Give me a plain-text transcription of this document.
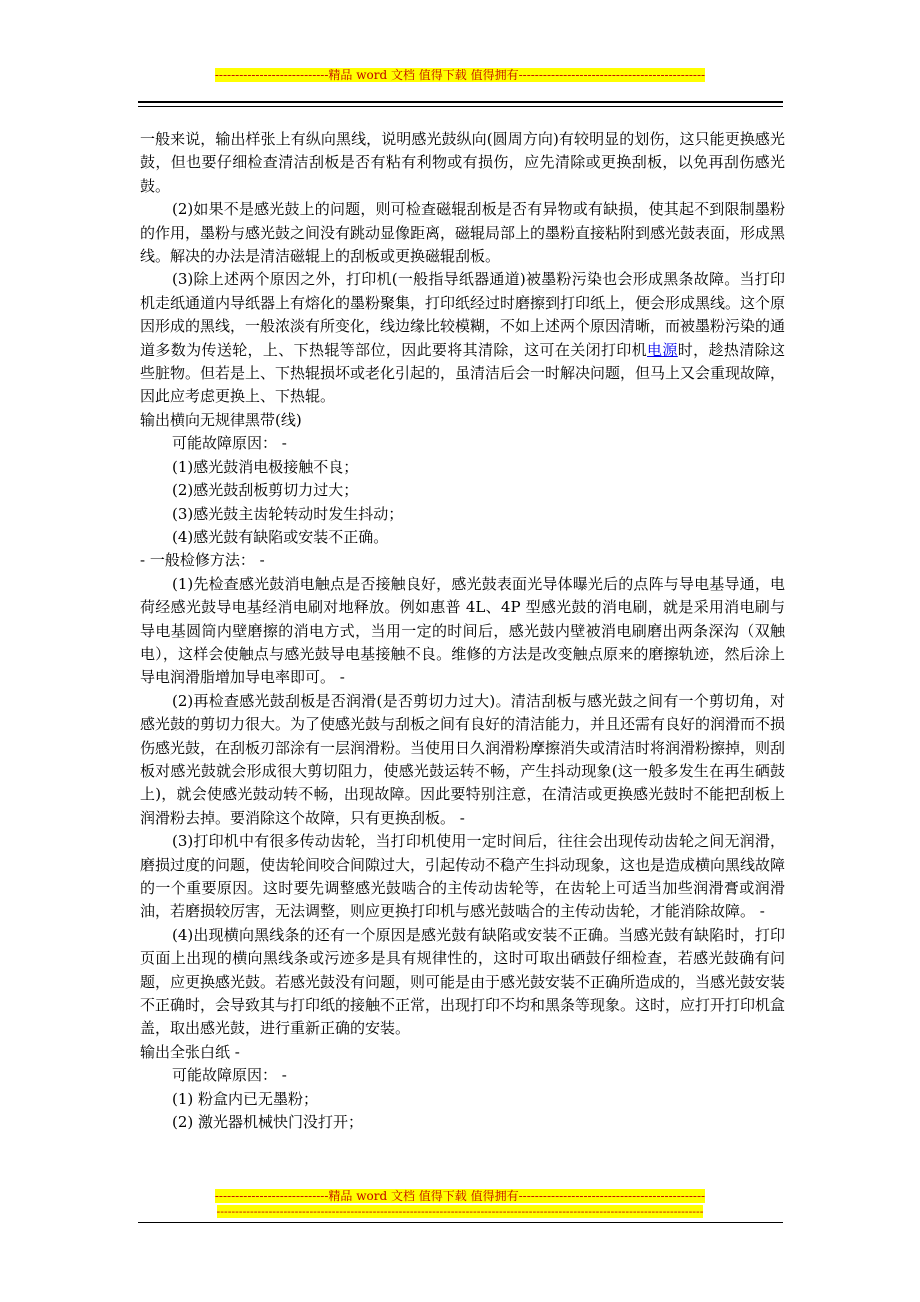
----------------------------精品 word 文档 值得下载 值得拥有----------------------------------------------

一般来说，输出样张上有纵向黑线，说明感光鼓纵向(圆周方向)有较明显的划伤，这只能更换感光鼓，但也要仔细检查清洁刮板是否有粘有利物或有损伤，应先清除或更换刮板，以免再刮伤感光鼓。

(2)如果不是感光鼓上的问题，则可检查磁辊刮板是否有异物或有缺损，使其起不到限制墨粉的作用，墨粉与感光鼓之间没有跳动显像距离，磁辊局部上的墨粉直接粘附到感光鼓表面，形成黑线。解决的办法是清洁磁辊上的刮板或更换磁辊刮板。

(3)除上述两个原因之外，打印机(一般指导纸器通道)被墨粉污染也会形成黑条故障。当打印机走纸通道内导纸器上有熔化的墨粉聚集，打印纸经过时磨擦到打印纸上，便会形成黑线。这个原因形成的黑线，一般浓淡有所变化，线边缘比较模糊，不如上述两个原因清晰，而被墨粉污染的通道多数为传送轮，上、下热辊等部位，因此要将其清除，这可在关闭打印机电源时，趁热清除这些脏物。但若是上、下热辊损坏或老化引起的，虽清洁后会一时解决问题，但马上又会重现故障，因此应考虑更换上、下热辊。

输出横向无规律黑带(线)

可能故障原因： -

(1)感光鼓消电极接触不良；

(2)感光鼓刮板剪切力过大；

(3)感光鼓主齿轮转动时发生抖动；

(4)感光鼓有缺陷或安装不正确。

- 一般检修方法： -

(1)先检查感光鼓消电触点是否接触良好，感光鼓表面光导体曝光后的点阵与导电基导通，电荷经感光鼓导电基经消电刷对地释放。例如惠普 4L、4P 型感光鼓的消电刷，就是采用消电刷与导电基圆筒内壁磨擦的消电方式，当用一定的时间后，感光鼓内壁被消电刷磨出两条深沟（双触电），这样会使触点与感光鼓导电基接触不良。维修的方法是改变触点原来的磨擦轨迹，然后涂上导电润滑脂增加导电率即可。 -

(2)再检查感光鼓刮板是否润滑(是否剪切力过大)。清洁刮板与感光鼓之间有一个剪切角，对感光鼓的剪切力很大。为了使感光鼓与刮板之间有良好的清洁能力，并且还需有良好的润滑而不损伤感光鼓，在刮板刃部涂有一层润滑粉。当使用日久润滑粉摩擦消失或清洁时将润滑粉擦掉，则刮板对感光鼓就会形成很大剪切阻力，使感光鼓运转不畅，产生抖动现象(这一般多发生在再生硒鼓上)，就会使感光鼓动转不畅，出现故障。因此要特别注意，在清洁或更换感光鼓时不能把刮板上润滑粉去掉。要消除这个故障，只有更换刮板。 -

(3)打印机中有很多传动齿轮，当打印机使用一定时间后，往往会出现传动齿轮之间无润滑，磨损过度的问题，使齿轮间咬合间隙过大，引起传动不稳产生抖动现象，这也是造成横向黑线故障的一个重要原因。这时要先调整感光鼓啮合的主传动齿轮等，在齿轮上可适当加些润滑膏或润滑油，若磨损较厉害，无法调整，则应更换打印机与感光鼓啮合的主传动齿轮，才能消除故障。 -

(4)出现横向黑线条的还有一个原因是感光鼓有缺陷或安装不正确。当感光鼓有缺陷时，打印页面上出现的横向黑线条或污迹多是具有规律性的，这时可取出硒鼓仔细检查，若感光鼓确有问题，应更换感光鼓。若感光鼓没有问题，则可能是由于感光鼓安装不正确所造成的，当感光鼓安装不正确时，会导致其与打印纸的接触不正常，出现打印不均和黑条等现象。这时，应打开打印机盒盖，取出感光鼓，进行重新正确的安装。

输出全张白纸 -

可能故障原因： -

(1) 粉盒内已无墨粉；

(2) 激光器机械快门没打开；

----------------------------精品 word 文档 值得下载 值得拥有----------------------------------------------
-----------------------------------------------------------------------------------------------------------------------------------
